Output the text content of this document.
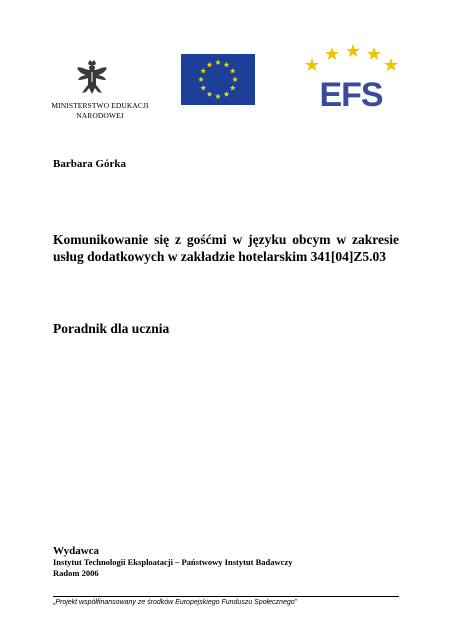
MINISTERSTWO EDUKACJI NARODOWEJ
EFS
Barbara Górka
Komunikowanie się z gośćmi w języku obcym w zakresie usług dodatkowych w zakładzie hotelarskim 341[04]Z5.03
Poradnik dla ucznia
Wydawca
Instytut Technologii Eksploatacji – Państwowy Instytut Badawczy
Radom 2006
„Projekt współfinansowany ze środków Europejskiego Funduszu Społecznego”
